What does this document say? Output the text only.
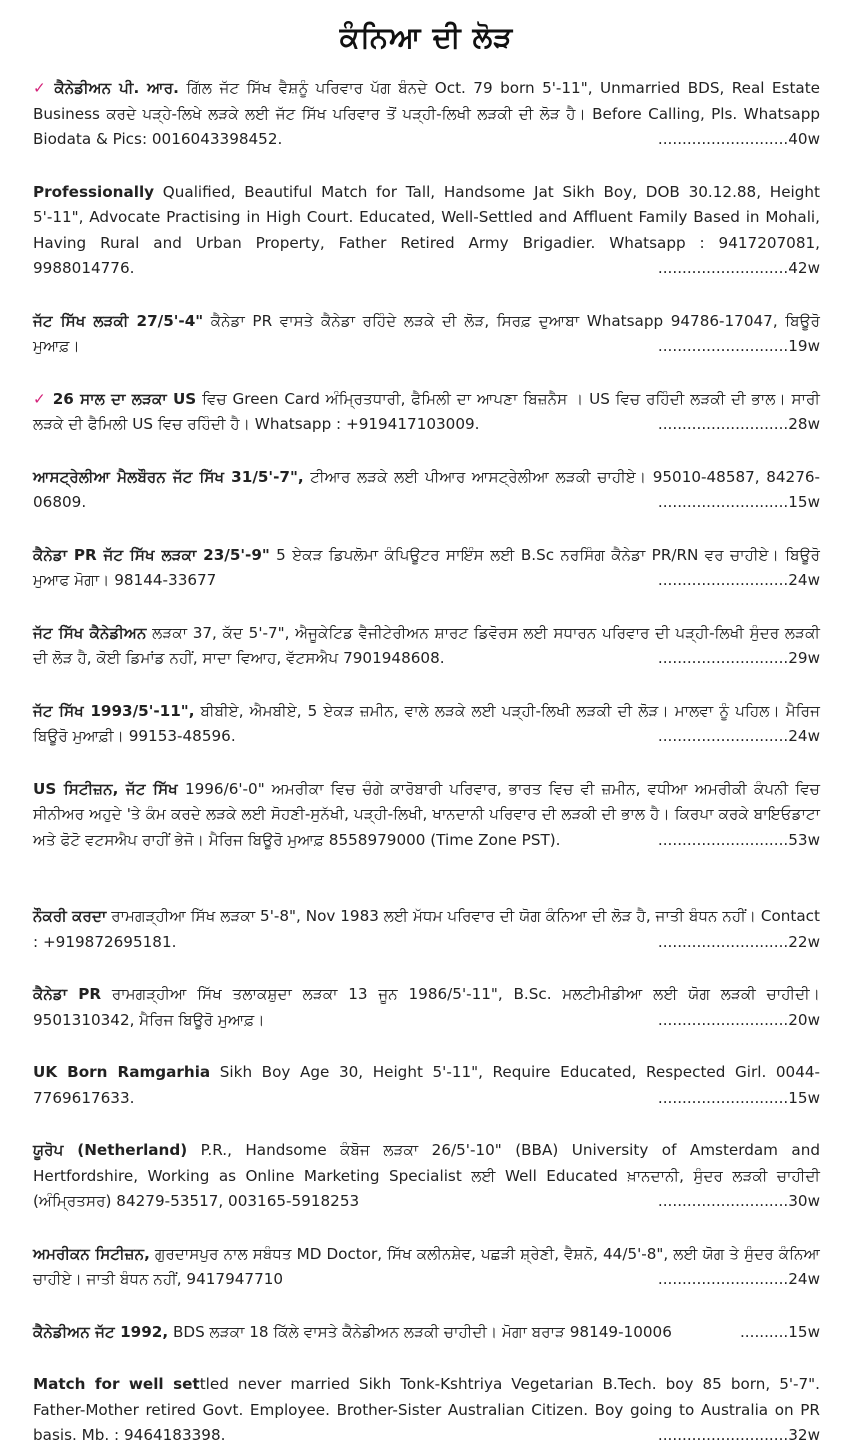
ਕੰਨਿਆ ਦੀ ਲੋੜ
✓ ਕੈਨੇਡੀਅਨ ਪੀ. ਆਰ. ਗਿੱਲ ਜੱਟ ਸਿੱਖ ਵੈਸ਼ਨੂੰ ਪਰਿਵਾਰ ਪੱਗ ਬੰਨਦੇ Oct. 79 born 5'-11", Unmarried BDS, Real Estate Business ਕਰਦੇ ਪੜ੍ਹੇ-ਲਿਖੇ ਲੜਕੇ ਲਈ ਜੱਟ ਸਿੱਖ ਪਰਿਵਾਰ ਤੋਂ ਪੜ੍ਹੀ-ਲਿਖੀ ਲੜਕੀ ਦੀ ਲੋੜ ਹੈ। Before Calling, Pls. Whatsapp Biodata & Pics: 0016043398452.	...........................40w
Professionally Qualified, Beautiful Match for Tall, Handsome Jat Sikh Boy, DOB 30.12.88, Height 5'-11", Advocate Practising in High Court. Educated, Well-Settled and Affluent Family Based in Mohali, Having Rural and Urban Property, Father Retired Army Brigadier. Whatsapp : 9417207081, 9988014776.	...........................42w
ਜੱਟ ਸਿੱਖ ਲੜਕੀ 27/5'-4" ਕੈਨੇਡਾ PR ਵਾਸਤੇ ਕੈਨੇਡਾ ਰਹਿੰਦੇ ਲੜਕੇ ਦੀ ਲੋੜ, ਸਿਰਫ਼ ਦੁਆਬਾ Whatsapp 94786-17047, ਬਿਊਰੋ ਮੁਆਫ਼।	...........................19w
✓ 26 ਸਾਲ ਦਾ ਲੜਕਾ US ਵਿਚ Green Card ਅੰਮ੍ਰਿਤਧਾਰੀ, ਫੈਮਿਲੀ ਦਾ ਆਪਣਾ ਬਿਜ਼ਨੈਸ । US ਵਿਚ ਰਹਿੰਦੀ ਲੜਕੀ ਦੀ ਭਾਲ। ਸਾਰੀ ਲੜਕੇ ਦੀ ਫੈਮਿਲੀ US ਵਿਚ ਰਹਿੰਦੀ ਹੈ। Whatsapp : +919417103009.	...........................28w
ਆਸਟ੍ਰੇਲੀਆ ਮੈਲਬੌਰਨ ਜੱਟ ਸਿੱਖ 31/5'-7", ਟੀਆਰ ਲੜਕੇ ਲਈ ਪੀਆਰ ਆਸਟ੍ਰੇਲੀਆ ਲੜਕੀ ਚਾਹੀਏ। 95010-48587, 84276-06809.	...........................15w
ਕੈਨੇਡਾ PR ਜੱਟ ਸਿੱਖ ਲੜਕਾ 23/5'-9" 5 ਏਕੜ ਡਿਪਲੋਮਾ ਕੰਪਿਊਟਰ ਸਾਇੰਸ ਲਈ B.Sc ਨਰਸਿੰਗ ਕੈਨੇਡਾ PR/RN ਵਰ ਚਾਹੀਏ। ਬਿਊਰੋ ਮੁਆਫ ਮੋਗਾ। 98144-33677	...........................24w
ਜੱਟ ਸਿੱਖ ਕੈਨੇਡੀਅਨ ਲੜਕਾ 37, ਕੱਦ 5'-7", ਐਜੂਕੇਟਿਡ ਵੈਜੀਟੇਰੀਅਨ ਸ਼ਾਰਟ ਡਿਵੋਰਸ ਲਈ ਸਧਾਰਨ ਪਰਿਵਾਰ ਦੀ ਪੜ੍ਹੀ-ਲਿਖੀ ਸੁੰਦਰ ਲੜਕੀ ਦੀ ਲੋੜ ਹੈ, ਕੋਈ ਡਿਮਾਂਡ ਨਹੀਂ, ਸਾਦਾ ਵਿਆਹ, ਵੱਟਸਐਪ 7901948608.	...........................29w
ਜੱਟ ਸਿੱਖ 1993/5'-11", ਬੀਬੀਏ, ਐਮਬੀਏ, 5 ਏਕੜ ਜ਼ਮੀਨ, ਵਾਲੇ ਲੜਕੇ ਲਈ ਪੜ੍ਹੀ-ਲਿਖੀ ਲੜਕੀ ਦੀ ਲੋੜ। ਮਾਲਵਾ ਨੂੰ ਪਹਿਲ। ਮੈਰਿਜ ਬਿਊਰੋ ਮੁਆਫ਼ੀ। 99153-48596.	...........................24w
US ਸਿਟੀਜ਼ਨ, ਜੱਟ ਸਿੱਖ 1996/6'-0" ਅਮਰੀਕਾ ਵਿਚ ਚੰਗੇ ਕਾਰੋਬਾਰੀ ਪਰਿਵਾਰ, ਭਾਰਤ ਵਿਚ ਵੀ ਜ਼ਮੀਨ, ਵਧੀਆ ਅਮਰੀਕੀ ਕੰਪਨੀ ਵਿਚ ਸੀਨੀਅਰ ਅਹੁਦੇ 'ਤੇ ਕੰਮ ਕਰਦੇ ਲੜਕੇ ਲਈ ਸੋਹਣੀ-ਸੁਨੱਖੀ, ਪੜ੍ਹੀ-ਲਿਖੀ, ਖਾਨਦਾਨੀ ਪਰਿਵਾਰ ਦੀ ਲੜਕੀ ਦੀ ਭਾਲ ਹੈ। ਕਿਰਪਾ ਕਰਕੇ ਬਾਇਓਡਾਟਾ ਅਤੇ ਫੋਟੋ ਵਟਸਐਪ ਰਾਹੀਂ ਭੇਜੋ। ਮੈਰਿਜ ਬਿਊਰੋ ਮੁਆਫ਼ 8558979000 (Time Zone PST).	...........................53w
ਨੌਕਰੀ ਕਰਦਾ ਰਾਮਗੜ੍ਹੀਆ ਸਿੱਖ ਲੜਕਾ 5'-8", Nov 1983 ਲਈ ਮੱਧਮ ਪਰਿਵਾਰ ਦੀ ਯੋਗ ਕੰਨਿਆ ਦੀ ਲੋੜ ਹੈ, ਜਾਤੀ ਬੰਧਨ ਨਹੀਂ। Contact : +919872695181.	...........................22w
ਕੈਨੇਡਾ PR ਰਾਮਗੜ੍ਹੀਆ ਸਿੱਖ ਤਲਾਕਸ਼ੁਦਾ ਲੜਕਾ 13 ਜੂਨ 1986/5'-11", B.Sc. ਮਲਟੀਮੀਡੀਆ ਲਈ ਯੋਗ ਲੜਕੀ ਚਾਹੀਦੀ। 9501310342, ਮੈਰਿਜ ਬਿਊਰੋ ਮੁਆਫ਼।	...........................20w
UK Born Ramgarhia Sikh Boy Age 30, Height 5'-11", Require Educated, Respected Girl. 0044-7769617633.	...........................15w
ਯੂਰੋਪ (Netherland) P.R., Handsome ਕੰਬੋਜ ਲੜਕਾ 26/5'-10" (BBA) University of Amsterdam and Hertfordshire, Working as Online Marketing Specialist ਲਈ Well Educated ਖ਼ਾਨਦਾਨੀ, ਸੁੰਦਰ ਲੜਕੀ ਚਾਹੀਦੀ (ਅੰਮ੍ਰਿਤਸਰ) 84279-53517, 003165-5918253	...........................30w
ਅਮਰੀਕਨ ਸਿਟੀਜ਼ਨ, ਗੁਰਦਾਸਪੁਰ ਨਾਲ ਸਬੰਧਤ MD Doctor, ਸਿੱਖ ਕਲੀਨਸ਼ੇਵ, ਪਛੜੀ ਸ਼੍ਰੇਣੀ, ਵੈਸ਼ਨੋ, 44/5'-8", ਲਈ ਯੋਗ ਤੇ ਸੁੰਦਰ ਕੰਨਿਆ ਚਾਹੀਏ। ਜਾਤੀ ਬੰਧਨ ਨਹੀਂ, 9417947710	...........................24w
ਕੈਨੇਡੀਅਨ ਜੱਟ 1992, BDS ਲੜਕਾ 18 ਕਿੱਲੇ ਵਾਸਤੇ ਕੈਨੇਡੀਅਨ ਲੜਕੀ ਚਾਹੀਦੀ। ਮੋਗਾ ਬਰਾੜ 98149-10006	..........15w
Match for well settled never married Sikh Tonk-Kshtriya Vegetarian B.Tech. boy 85 born, 5'-7". Father-Mother retired Govt. Employee. Brother-Sister Australian Citizen. Boy going to Australia on PR basis. Mb. : 9464183398.	...........................32w
